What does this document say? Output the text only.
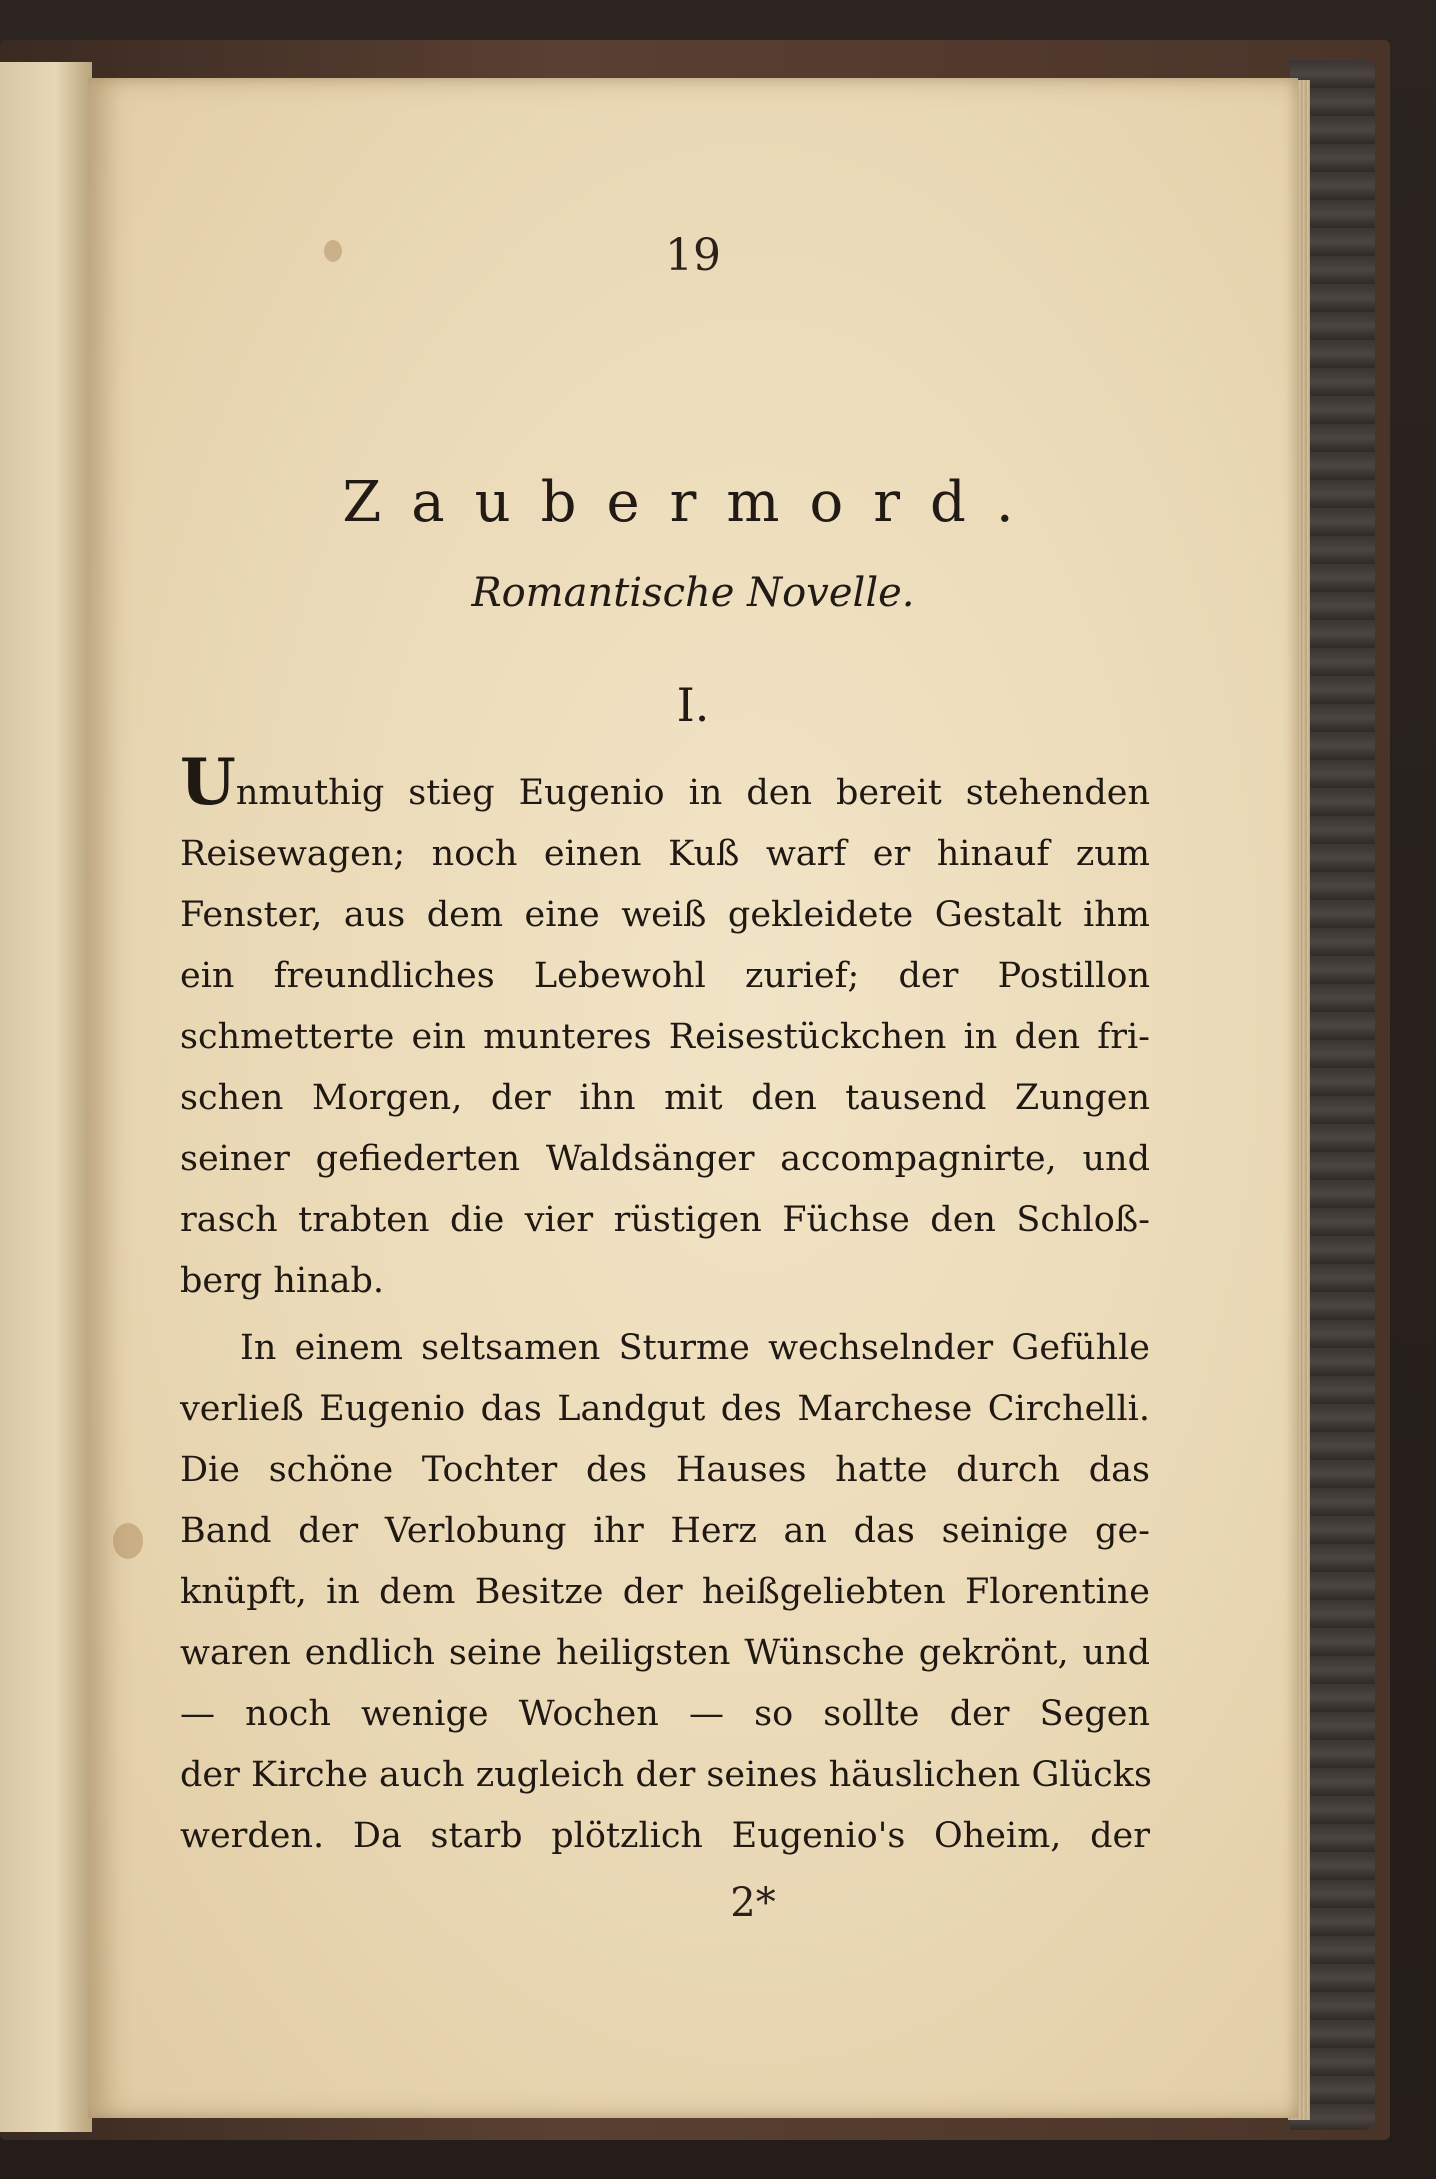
19
Zaubermord.
Romantische Novelle.
I.
Unmuthig stieg Eugenio in den bereit stehenden
Reisewagen; noch einen Kuß warf er hinauf zum
Fenster, aus dem eine weiß gekleidete Gestalt ihm
ein freundliches Lebewohl zurief; der Postillon
schmetterte ein munteres Reisestückchen in den fri-
schen Morgen, der ihn mit den tausend Zungen
seiner gefiederten Waldsänger accompagnirte, und
rasch trabten die vier rüstigen Füchse den Schloß-
berg hinab.
In einem seltsamen Sturme wechselnder Gefühle
verließ Eugenio das Landgut des Marchese Circhelli.
Die schöne Tochter des Hauses hatte durch das
Band der Verlobung ihr Herz an das seinige ge-
knüpft, in dem Besitze der heißgeliebten Florentine
waren endlich seine heiligsten Wünsche gekrönt, und
— noch wenige Wochen — so sollte der Segen
der Kirche auch zugleich der seines häuslichen Glücks
werden. Da starb plötzlich Eugenio's Oheim, der
2*
